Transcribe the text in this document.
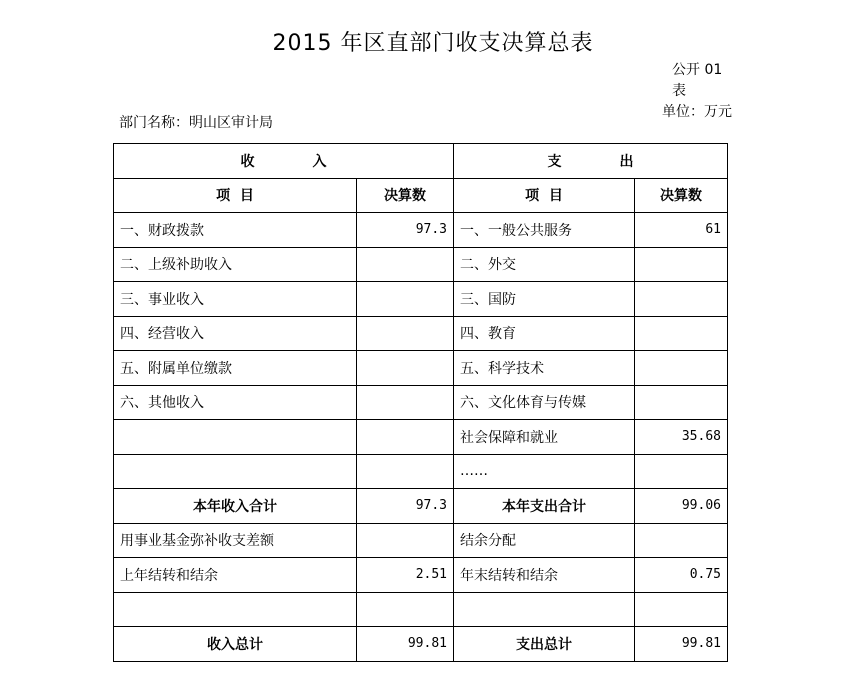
2015 年区直部门收支决算总表
公开 01 表
单位：万元
部门名称：明山区审计局
收入		支出	
项  目	决算数	项  目	决算数
一、财政拨款	97.3	一、一般公共服务	61
二、上级补助收入		二、外交	
三、事业收入		三、国防	
四、经营收入		四、教育	
五、附属单位缴款		五、科学技术	
六、其他收入		六、文化体育与传媒	
		社会保障和就业	35.68
		……	
本年收入合计	97.3	本年支出合计	99.06
用事业基金弥补收支差额		结余分配	
上年结转和结余	2.51	年末结转和结余	0.75

收入总计	99.81	支出总计	99.81
